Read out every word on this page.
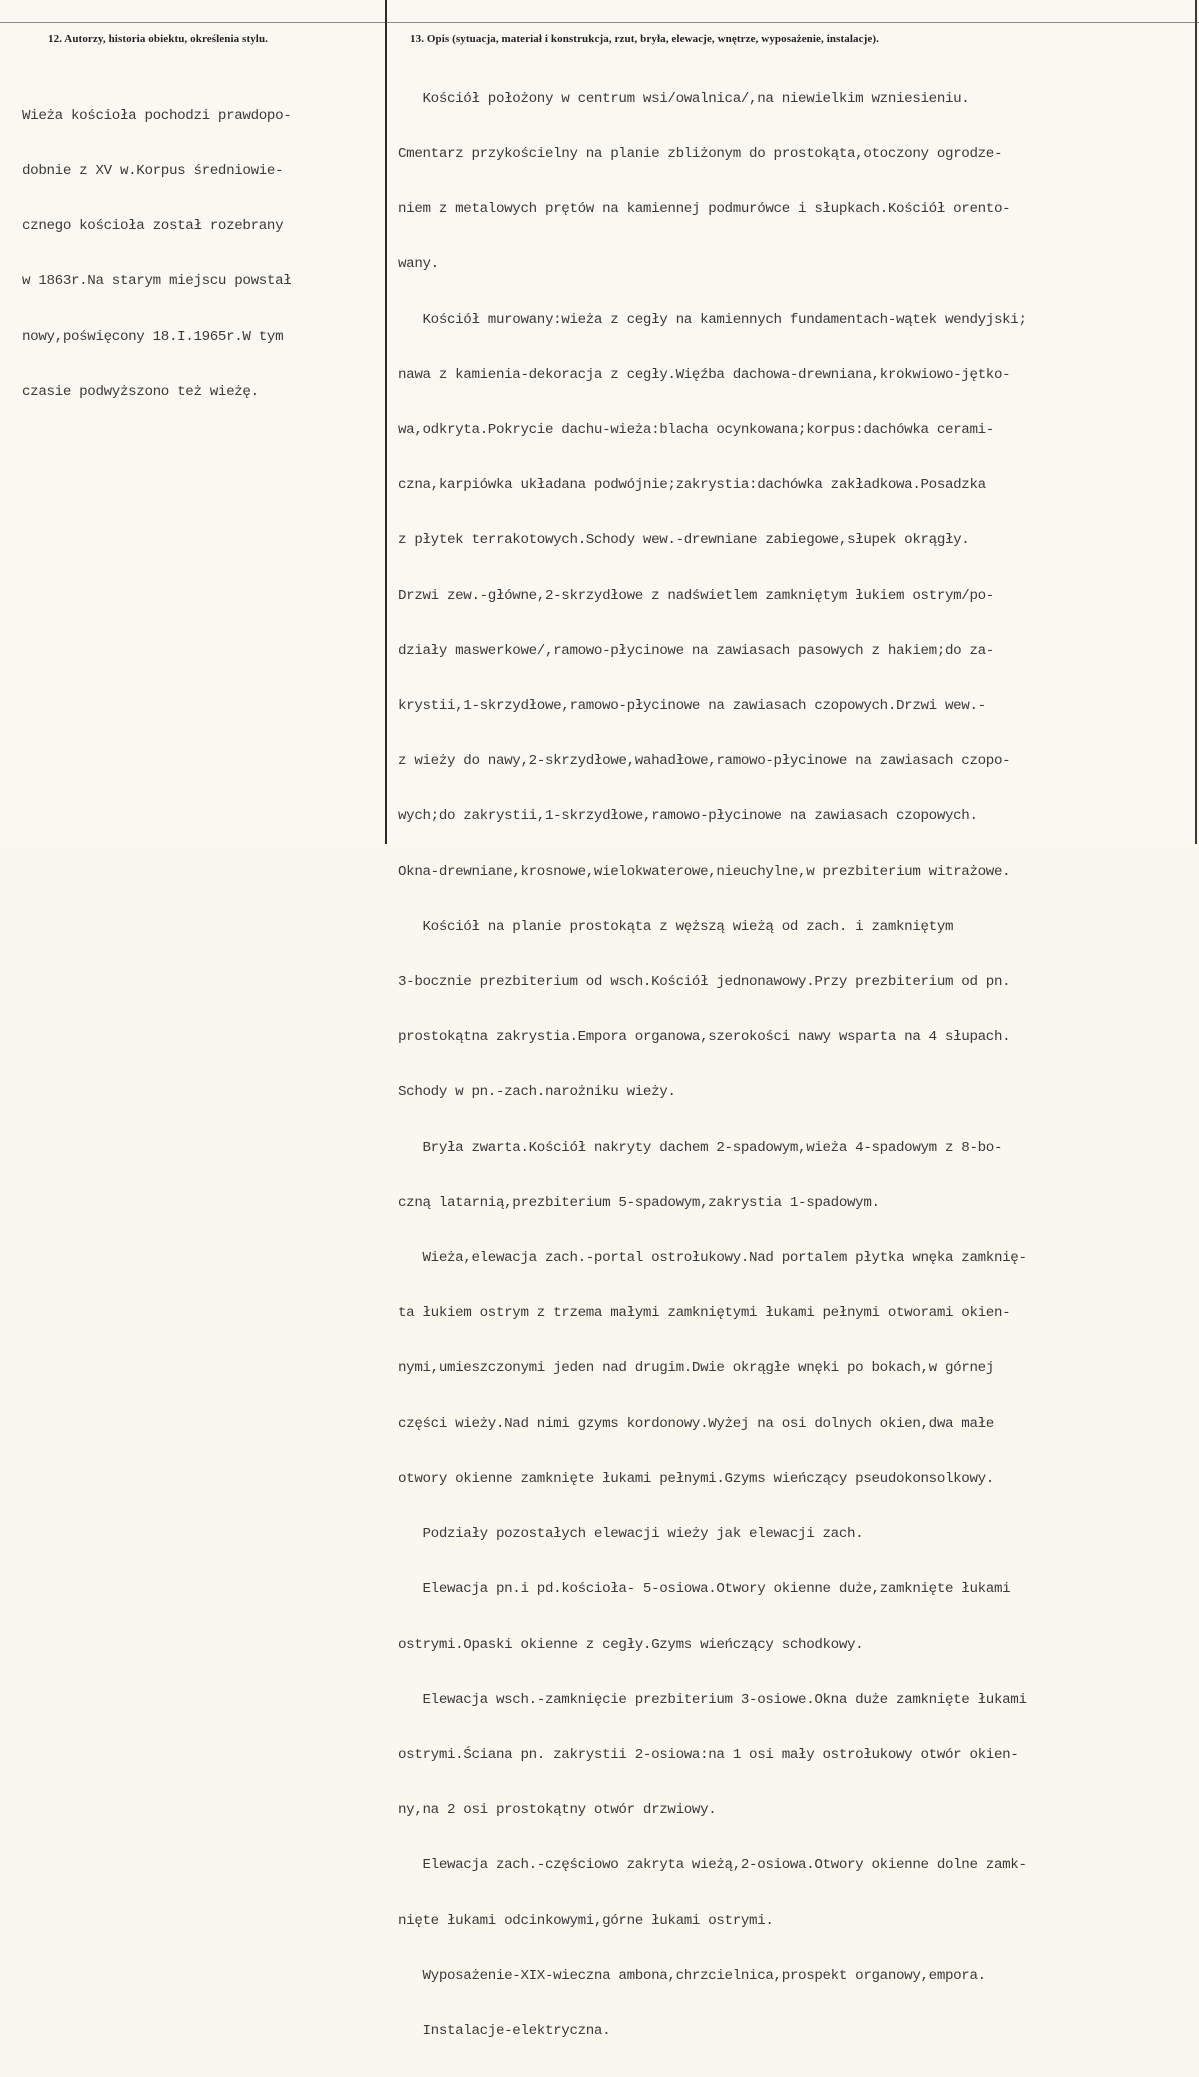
12. Autorzy, historia obiektu, określenia stylu.

Wieża kościoła pochodzi prawdopo-

dobnie z XV w.Korpus średniowie-

cznego kościoła został rozebrany

w 1863r.Na starym miejscu powstał

nowy,poświęcony 18.I.1965r.W tym

czasie podwyższono też wieżę.

13. Opis (sytuacja, materiał i konstrukcja, rzut, bryła, elewacje, wnętrze, wyposażenie, instalacje).

Kościół położony w centrum wsi/owalnica/,na niewielkim wzniesieniu.

Cmentarz przykościelny na planie zbliżonym do prostokąta,otoczony ogrodze-

niem z metalowych prętów na kamiennej podmurówce i słupkach.Kościół orento-

wany.

Kościół murowany:wieża z cegły na kamiennych fundamentach-wątek wendyjski;

nawa z kamienia-dekoracja z cegły.Więźba dachowa-drewniana,krokwiowo-jętko-

wa,odkryta.Pokrycie dachu-wieża:blacha ocynkowana;korpus:dachówka cerami-

czna,karpiówka układana podwójnie;zakrystia:dachówka zakładkowa.Posadzka

z płytek terrakotowych.Schody wew.-drewniane zabiegowe,słupek okrągły.

Drzwi zew.-główne,2-skrzydłowe z nadświetlem zamkniętym łukiem ostrym/po-

działy maswerkowe/,ramowo-płycinowe na zawiasach pasowych z hakiem;do za-

krystii,1-skrzydłowe,ramowo-płycinowe na zawiasach czopowych.Drzwi wew.-

z wieży do nawy,2-skrzydłowe,wahadłowe,ramowo-płycinowe na zawiasach czopo-

wych;do zakrystii,1-skrzydłowe,ramowo-płycinowe na zawiasach czopowych.

Okna-drewniane,krosnowe,wielokwaterowe,nieuchylne,w prezbiterium witrażowe.

Kościół na planie prostokąta z węższą wieżą od zach. i zamkniętym

3-bocznie prezbiterium od wsch.Kościół jednonawowy.Przy prezbiterium od pn.

prostokątna zakrystia.Empora organowa,szerokości nawy wsparta na 4 słupach.

Schody w pn.-zach.narożniku wieży.

Bryła zwarta.Kościół nakryty dachem 2-spadowym,wieża 4-spadowym z 8-bo-

czną latarnią,prezbiterium 5-spadowym,zakrystia 1-spadowym.

Wieża,elewacja zach.-portal ostrołukowy.Nad portalem płytka wnęka zamknię-

ta łukiem ostrym z trzema małymi zamkniętymi łukami pełnymi otworami okien-

nymi,umieszczonymi jeden nad drugim.Dwie okrągłe wnęki po bokach,w górnej

części wieży.Nad nimi gzyms kordonowy.Wyżej na osi dolnych okien,dwa małe

otwory okienne zamknięte łukami pełnymi.Gzyms wieńczący pseudokonsolkowy.

Podziały pozostałych elewacji wieży jak elewacji zach.

Elewacja pn.i pd.kościoła- 5-osiowa.Otwory okienne duże,zamknięte łukami

ostrymi.Opaski okienne z cegły.Gzyms wieńczący schodkowy.

Elewacja wsch.-zamknięcie prezbiterium 3-osiowe.Okna duże zamknięte łukami

ostrymi.Ściana pn. zakrystii 2-osiowa:na 1 osi mały ostrołukowy otwór okien-

ny,na 2 osi prostokątny otwór drzwiowy.

Elewacja zach.-częściowo zakryta wieżą,2-osiowa.Otwory okienne dolne zamk-

nięte łukami odcinkowymi,górne łukami ostrymi.

Wyposażenie-XIX-wieczna ambona,chrzcielnica,prospekt organowy,empora.

Instalacje-elektryczna.
